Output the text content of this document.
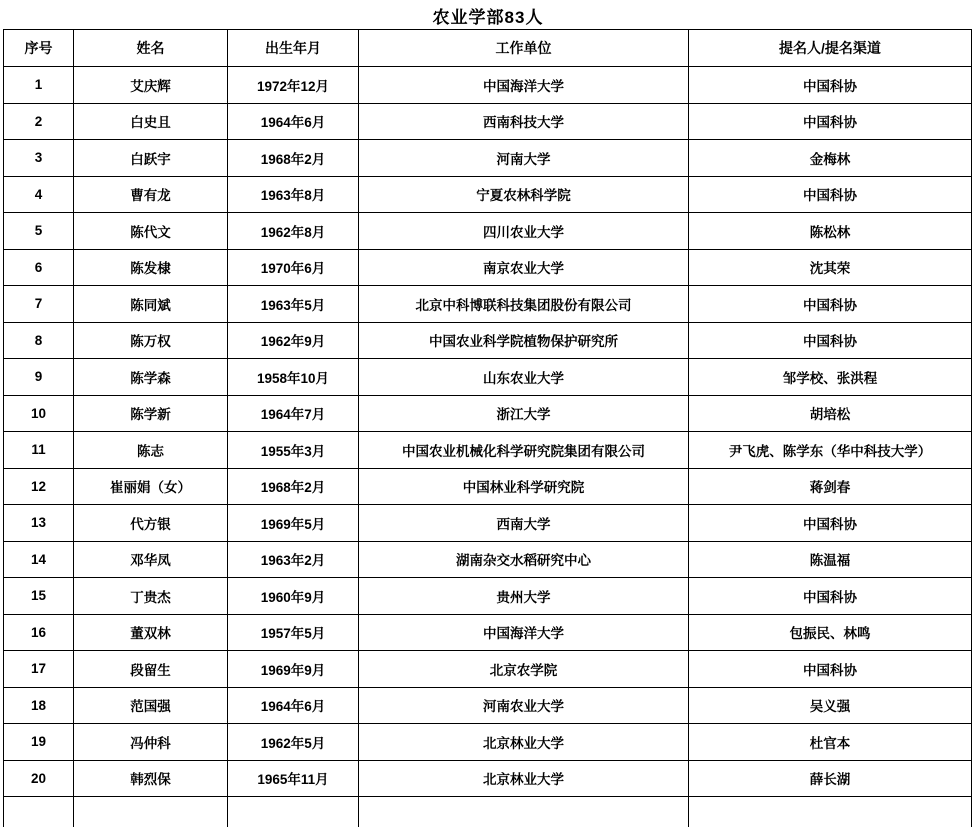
农业学部83人
序号	姓名	出生年月	工作单位	提名人/提名渠道
1	艾庆辉	1972年12月	中国海洋大学	中国科协
2	白史且	1964年6月	西南科技大学	中国科协
3	白跃宇	1968年2月	河南大学	金梅林
4	曹有龙	1963年8月	宁夏农林科学院	中国科协
5	陈代文	1962年8月	四川农业大学	陈松林
6	陈发棣	1970年6月	南京农业大学	沈其荣
7	陈同斌	1963年5月	北京中科博联科技集团股份有限公司	中国科协
8	陈万权	1962年9月	中国农业科学院植物保护研究所	中国科协
9	陈学森	1958年10月	山东农业大学	邹学校、张洪程
10	陈学新	1964年7月	浙江大学	胡培松
11	陈志	1955年3月	中国农业机械化科学研究院集团有限公司	尹飞虎、陈学东（华中科技大学）
12	崔丽娟（女）	1968年2月	中国林业科学研究院	蒋剑春
13	代方银	1969年5月	西南大学	中国科协
14	邓华凤	1963年2月	湖南杂交水稻研究中心	陈温福
15	丁贵杰	1960年9月	贵州大学	中国科协
16	董双林	1957年5月	中国海洋大学	包振民、林鸣
17	段留生	1969年9月	北京农学院	中国科协
18	范国强	1964年6月	河南农业大学	吴义强
19	冯仲科	1962年5月	北京林业大学	杜官本
20	韩烈保	1965年11月	北京林业大学	薛长湖
